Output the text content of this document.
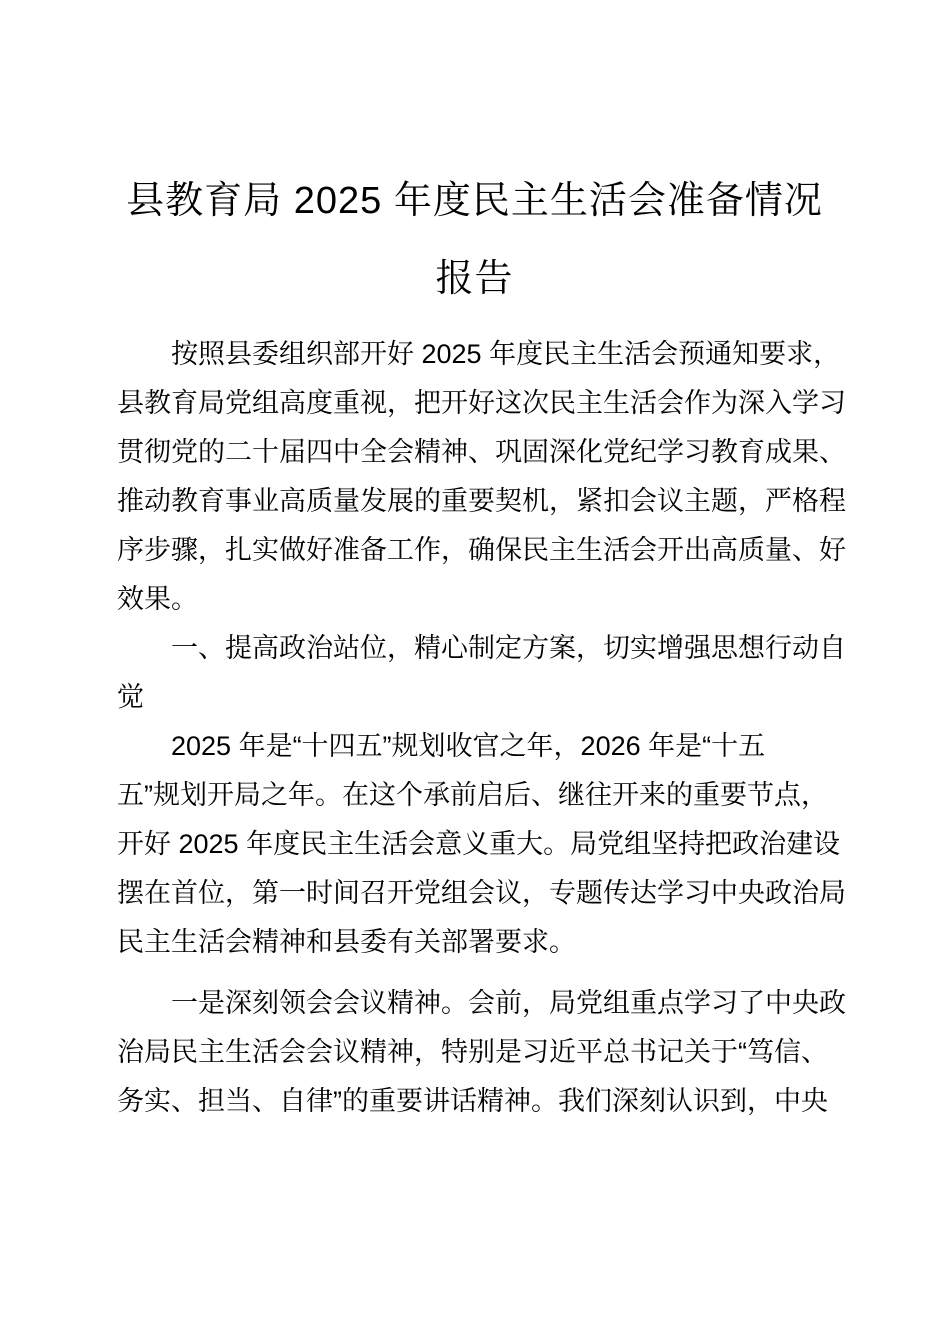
县教育局 2025 年度民主生活会准备情况
报告
按照县委组织部开好 2025 年度民主生活会预通知要求，
县教育局党组高度重视，把开好这次民主生活会作为深入学习
贯彻党的二十届四中全会精神、巩固深化党纪学习教育成果、
推动教育事业高质量发展的重要契机，紧扣会议主题，严格程
序步骤，扎实做好准备工作，确保民主生活会开出高质量、好
效果。
一、提高政治站位，精心制定方案，切实增强思想行动自
觉
2025 年是“十四五”规划收官之年，2026 年是“十五
五”规划开局之年。在这个承前启后、继往开来的重要节点，
开好 2025 年度民主生活会意义重大。局党组坚持把政治建设
摆在首位，第一时间召开党组会议，专题传达学习中央政治局
民主生活会精神和县委有关部署要求。
一是深刻领会会议精神。会前，局党组重点学习了中央政
治局民主生活会会议精神，特别是习近平总书记关于“笃信、
务实、担当、自律”的重要讲话精神。我们深刻认识到，中央
